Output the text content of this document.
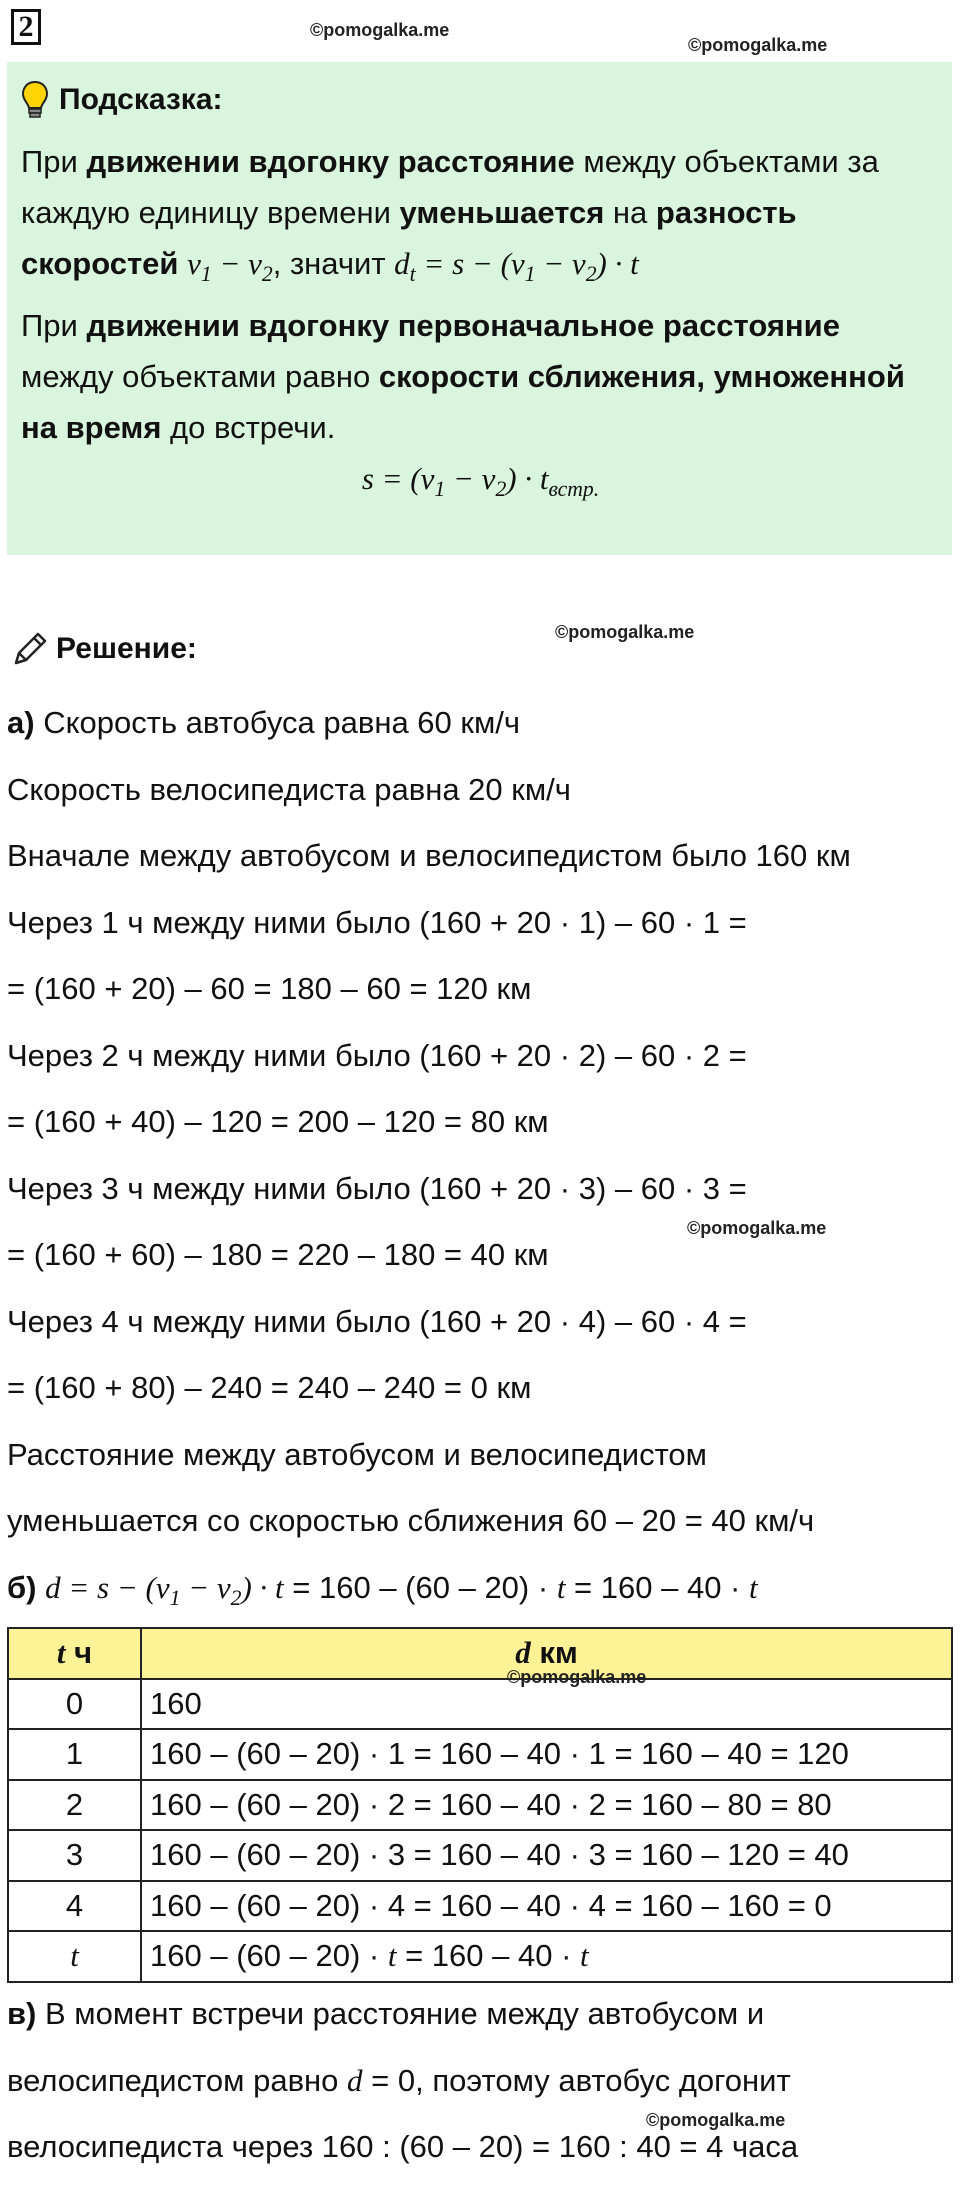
2	©pomogalka.me
©pomogalka.me
Подсказка:
При движении вдогонку расстояние между объектами за каждую единицу времени уменьшается на разность скоростей $v_1 - v_2$, значит $d_t = s - (v_1 - v_2) \cdot t$
При движении вдогонку первоначальное расстояние между объектами равно скорости сближения, умноженной на время до встречи.
$s = (v_1 - v_2) \cdot t_{встр.}$
Решение:	©pomogalka.me
а) Скорость автобуса равна 60 км/ч
Скорость велосипедиста равна 20 км/ч
Вначале между автобусом и велосипедистом было 160 км
Через 1 ч между ними было (160 + 20 · 1) – 60 · 1 =
= (160 + 20) – 60 = 180 – 60 = 120 км
Через 2 ч между ними было (160 + 20 · 2) – 60 · 2 =
= (160 + 40) – 120 = 200 – 120 = 80 км
Через 3 ч между ними было (160 + 20 · 3) – 60 · 3 =
= (160 + 60) – 180 = 220 – 180 = 40 км
Через 4 ч между ними было (160 + 20 · 4) – 60 · 4 =
= (160 + 80) – 240 = 240 – 240 = 0 км
Расстояние между автобусом и велосипедистом
уменьшается со скоростью сближения 60 – 20 = 40 км/ч
б) $d = s - (v_1 - v_2) \cdot t = 160 - (60 - 20) \cdot t = 160 - 40 \cdot t$
©pomogalka.me
t ч	d км
0	160
1	160 – (60 – 20) · 1 = 160 – 40 · 1 = 160 – 40 = 120
2	160 – (60 – 20) · 2 = 160 – 40 · 2 = 160 – 80 = 80
3	160 – (60 – 20) · 3 = 160 – 40 · 3 = 160 – 120 = 40
4	160 – (60 – 20) · 4 = 160 – 40 · 4 = 160 – 160 = 0
t	160 – (60 – 20) · t = 160 – 40 · t
©pomogalka.me
в) В момент встречи расстояние между автобусом и
велосипедистом равно d = 0, поэтому автобус догонит
велосипедиста через 160 : (60 – 20) = 160 : 40 = 4 часа
©pomogalka.me
